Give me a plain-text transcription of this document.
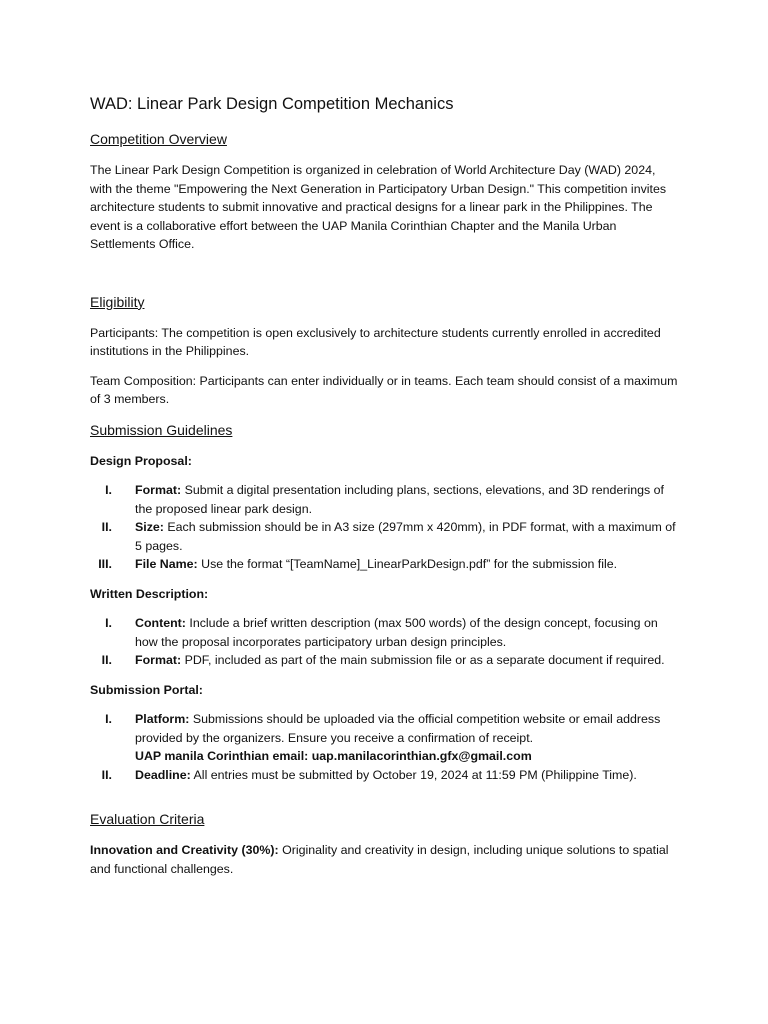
WAD: Linear Park Design Competition Mechanics
Competition Overview

The Linear Park Design Competition is organized in celebration of World Architecture Day (WAD) 2024, with the theme "Empowering the Next Generation in Participatory Urban Design." This competition invites architecture students to submit innovative and practical designs for a linear park in the Philippines. The event is a collaborative effort between the UAP Manila Corinthian Chapter and the Manila Urban Settlements Office.

Eligibility

Participants: The competition is open exclusively to architecture students currently enrolled in accredited institutions in the Philippines.

Team Composition: Participants can enter individually or in teams. Each team should consist of a maximum of 3 members.

Submission Guidelines
Design Proposal:
I. Format: Submit a digital presentation including plans, sections, elevations, and 3D renderings of the proposed linear park design.
II. Size: Each submission should be in A3 size (297mm x 420mm), in PDF format, with a maximum of 5 pages.
III. File Name: Use the format “[TeamName]_LinearParkDesign.pdf” for the submission file.
Written Description:
I. Content: Include a brief written description (max 500 words) of the design concept, focusing on how the proposal incorporates participatory urban design principles.
II. Format: PDF, included as part of the main submission file or as a separate document if required.
Submission Portal:
I. Platform: Submissions should be uploaded via the official competition website or email address provided by the organizers. Ensure you receive a confirmation of receipt.
UAP manila Corinthian email: uap.manilacorinthian.gfx@gmail.com
II. Deadline: All entries must be submitted by October 19, 2024 at 11:59 PM (Philippine Time).
Evaluation Criteria

Innovation and Creativity (30%): Originality and creativity in design, including unique solutions to spatial and functional challenges.
